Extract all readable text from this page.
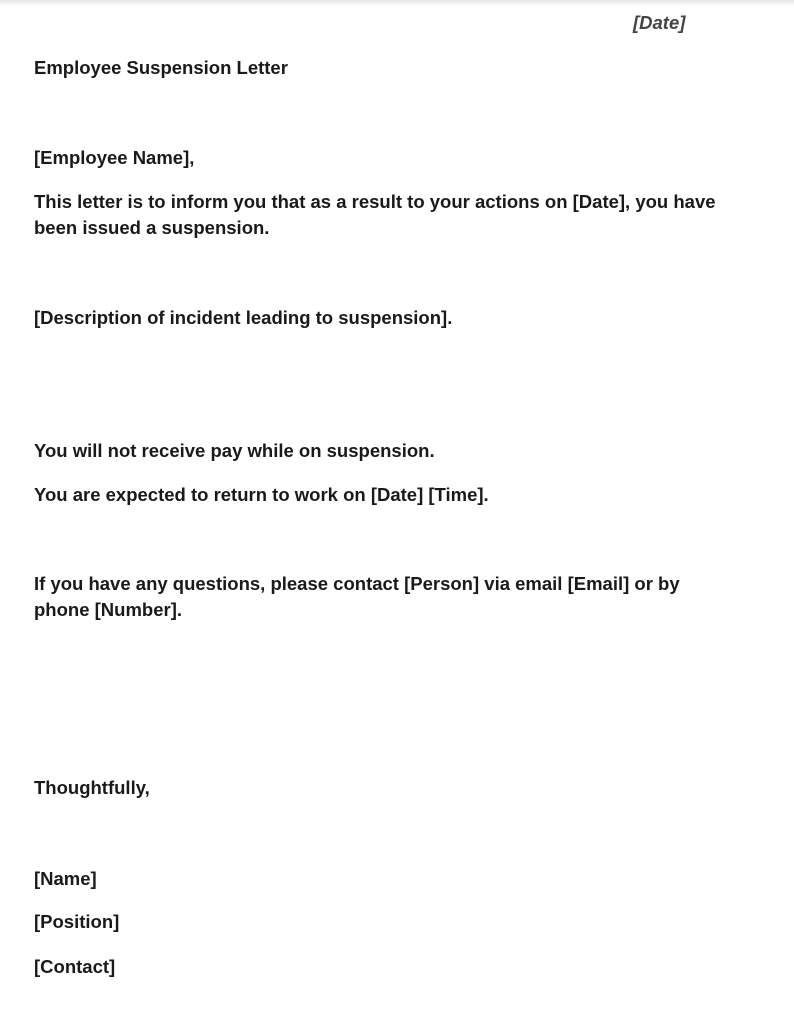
[Date]
Employee Suspension Letter
[Employee Name],
This letter is to inform you that as a result to your actions on [Date], you have
been issued a suspension.
[Description of incident leading to suspension].
You will not receive pay while on suspension.
You are expected to return to work on [Date] [Time].
If you have any questions, please contact [Person] via email [Email] or by
phone [Number].
Thoughtfully,
[Name]
[Position]
[Contact]
